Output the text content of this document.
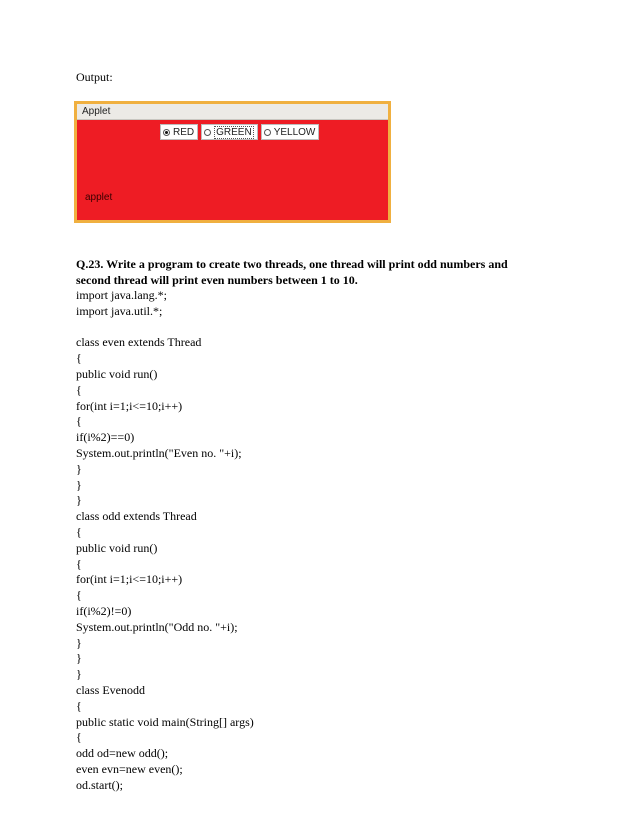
Output:
Applet
RED GREEN YELLOW
applet
Q.23. Write a program to create two threads, one thread will print odd numbers and
second thread will print even numbers between 1 to 10.
import java.lang.*;
import java.util.*;
class even extends Thread
{
public void run()
{
for(int i=1;i<=10;i++)
{
if(i%2)==0)
System.out.println("Even no. "+i);
}
}
}
class odd extends Thread
{
public void run()
{
for(int i=1;i<=10;i++)
{
if(i%2)!=0)
System.out.println("Odd no. "+i);
}
}
}
class Evenodd
{
public static void main(String[] args)
{
odd od=new odd();
even evn=new even();
od.start();
